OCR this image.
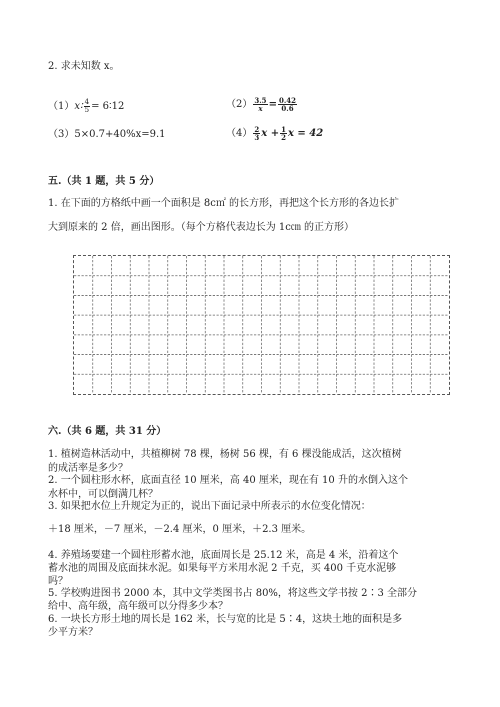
2. 求未知数 x。
（1）x∶ $\frac{4}{5}$ = 6∶12	$(2) \frac{3.5}{x} = \frac{0.42}{0.6}$
（3）5×0.7+40%x=9.1	$(4) \frac{2}{3}$ $x + \frac{1}{2}$ x = 42
五.（共 1 题，共 5 分）
1. 在下面的方格纸中画一个面积是 8c㎡ 的长方形，再把这个长方形的各边长扩
大到原来的 2 倍，画出图形。（每个方格代表边长为 1c㎝ 的正方形）
六.（共 6 题，共 31 分）
1. 植树造林活动中，共植柳树 78 棵，杨树 56 棵，有 6 棵没能成活，这次植树
的成活率是多少？
2. 一个圆柱形水杯，底面直径 10 厘米，高 40 厘米，现在有 10 升的水倒入这个
水杯中，可以倒满几杯？
3. 如果把水位上升规定为正的，说出下面记录中所表示的水位变化情况：
＋18 厘米，－7 厘米，－2.4 厘米，0 厘米，＋2.3 厘米。
4. 养殖场要建一个圆柱形蓄水池，底面周长是 25.12 米，高是 4 米，沿着这个
蓄水池的周围及底面抹水泥。如果每平方米用水泥 2 千克，买 400 千克水泥够
吗？
5. 学校购进图书 2000 本，其中文学类图书占 80%，将这些文学书按 2∶3 全部分
给中、高年级，高年级可以分得多少本？
6. 一块长方形土地的周长是 162 米，长与宽的比是 5∶4，这块土地的面积是多
少平方米？
